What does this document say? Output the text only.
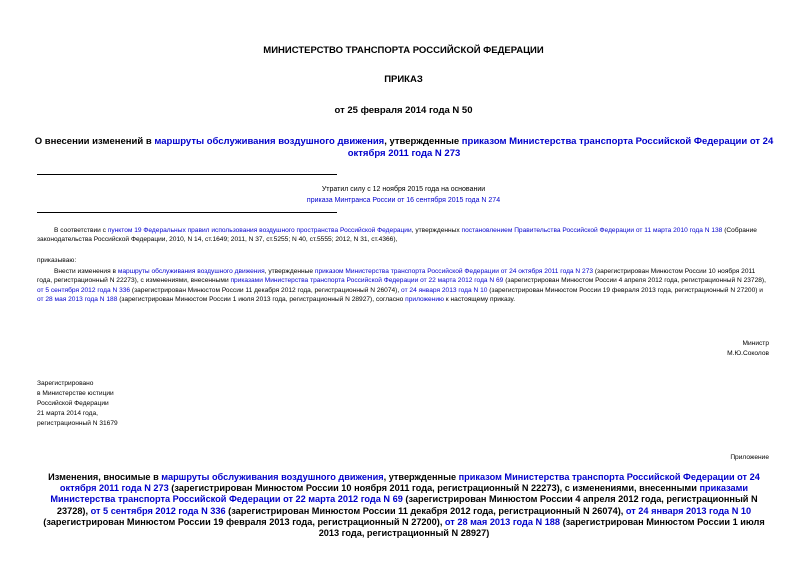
МИНИСТЕРСТВО ТРАНСПОРТА РОССИЙСКОЙ ФЕДЕРАЦИИ
ПРИКАЗ
от 25 февраля 2014 года N 50
О внесении изменений в маршруты обслуживания воздушного движения, утвержденные приказом Министерства транспорта Российской Федерации от 24 октября 2011 года N 273
Утратил силу с 12 ноября 2015 года на основании
приказа Минтранса России от 16 сентября 2015 года N 274
В соответствии с пунктом 19 Федеральных правил использования воздушного пространства Российской Федерации, утвержденных постановлением Правительства Российской Федерации от 11 марта 2010 года N 138 (Собрание законодательства Российской Федерации, 2010, N 14, ст.1649; 2011, N 37, ст.5255; N 40, ст.5555; 2012, N 31, ст.4366),
приказываю:
Внести изменения в маршруты обслуживания воздушного движения, утвержденные приказом Министерства транспорта Российской Федерации от 24 октября 2011 года N 273 (зарегистрирован Минюстом России 10 ноября 2011 года, регистрационный N 22273), с изменениями, внесенными приказами Министерства транспорта Российской Федерации от 22 марта 2012 года N 69 (зарегистрирован Минюстом России 4 апреля 2012 года, регистрационный N 23728), от 5 сентября 2012 года N 336 (зарегистрирован Минюстом России 11 декабря 2012 года, регистрационный N 26074), от 24 января 2013 года N 10 (зарегистрирован Минюстом России 19 февраля 2013 года, регистрационный N 27200) и от 28 мая 2013 года N 188 (зарегистрирован Минюстом России 1 июля 2013 года, регистрационный N 28927), согласно приложению к настоящему приказу.
Министр
М.Ю.Соколов
Зарегистрировано
в Министерстве юстиции
Российской Федерации
21 марта 2014 года,
регистрационный N 31679
Приложение
Изменения, вносимые в маршруты обслуживания воздушного движения, утвержденные приказом Министерства транспорта Российской Федерации от 24 октября 2011 года N 273 (зарегистрирован Минюстом России 10 ноября 2011 года, регистрационный N 22273), с изменениями, внесенными приказами Министерства транспорта Российской Федерации от 22 марта 2012 года N 69 (зарегистрирован Минюстом России 4 апреля 2012 года, регистрационный N 23728), от 5 сентября 2012 года N 336 (зарегистрирован Минюстом России 11 декабря 2012 года, регистрационный N 26074), от 24 января 2013 года N 10 (зарегистрирован Минюстом России 19 февраля 2013 года, регистрационный N 27200), от 28 мая 2013 года N 188 (зарегистрирован Минюстом России 1 июля 2013 года, регистрационный N 28927)
